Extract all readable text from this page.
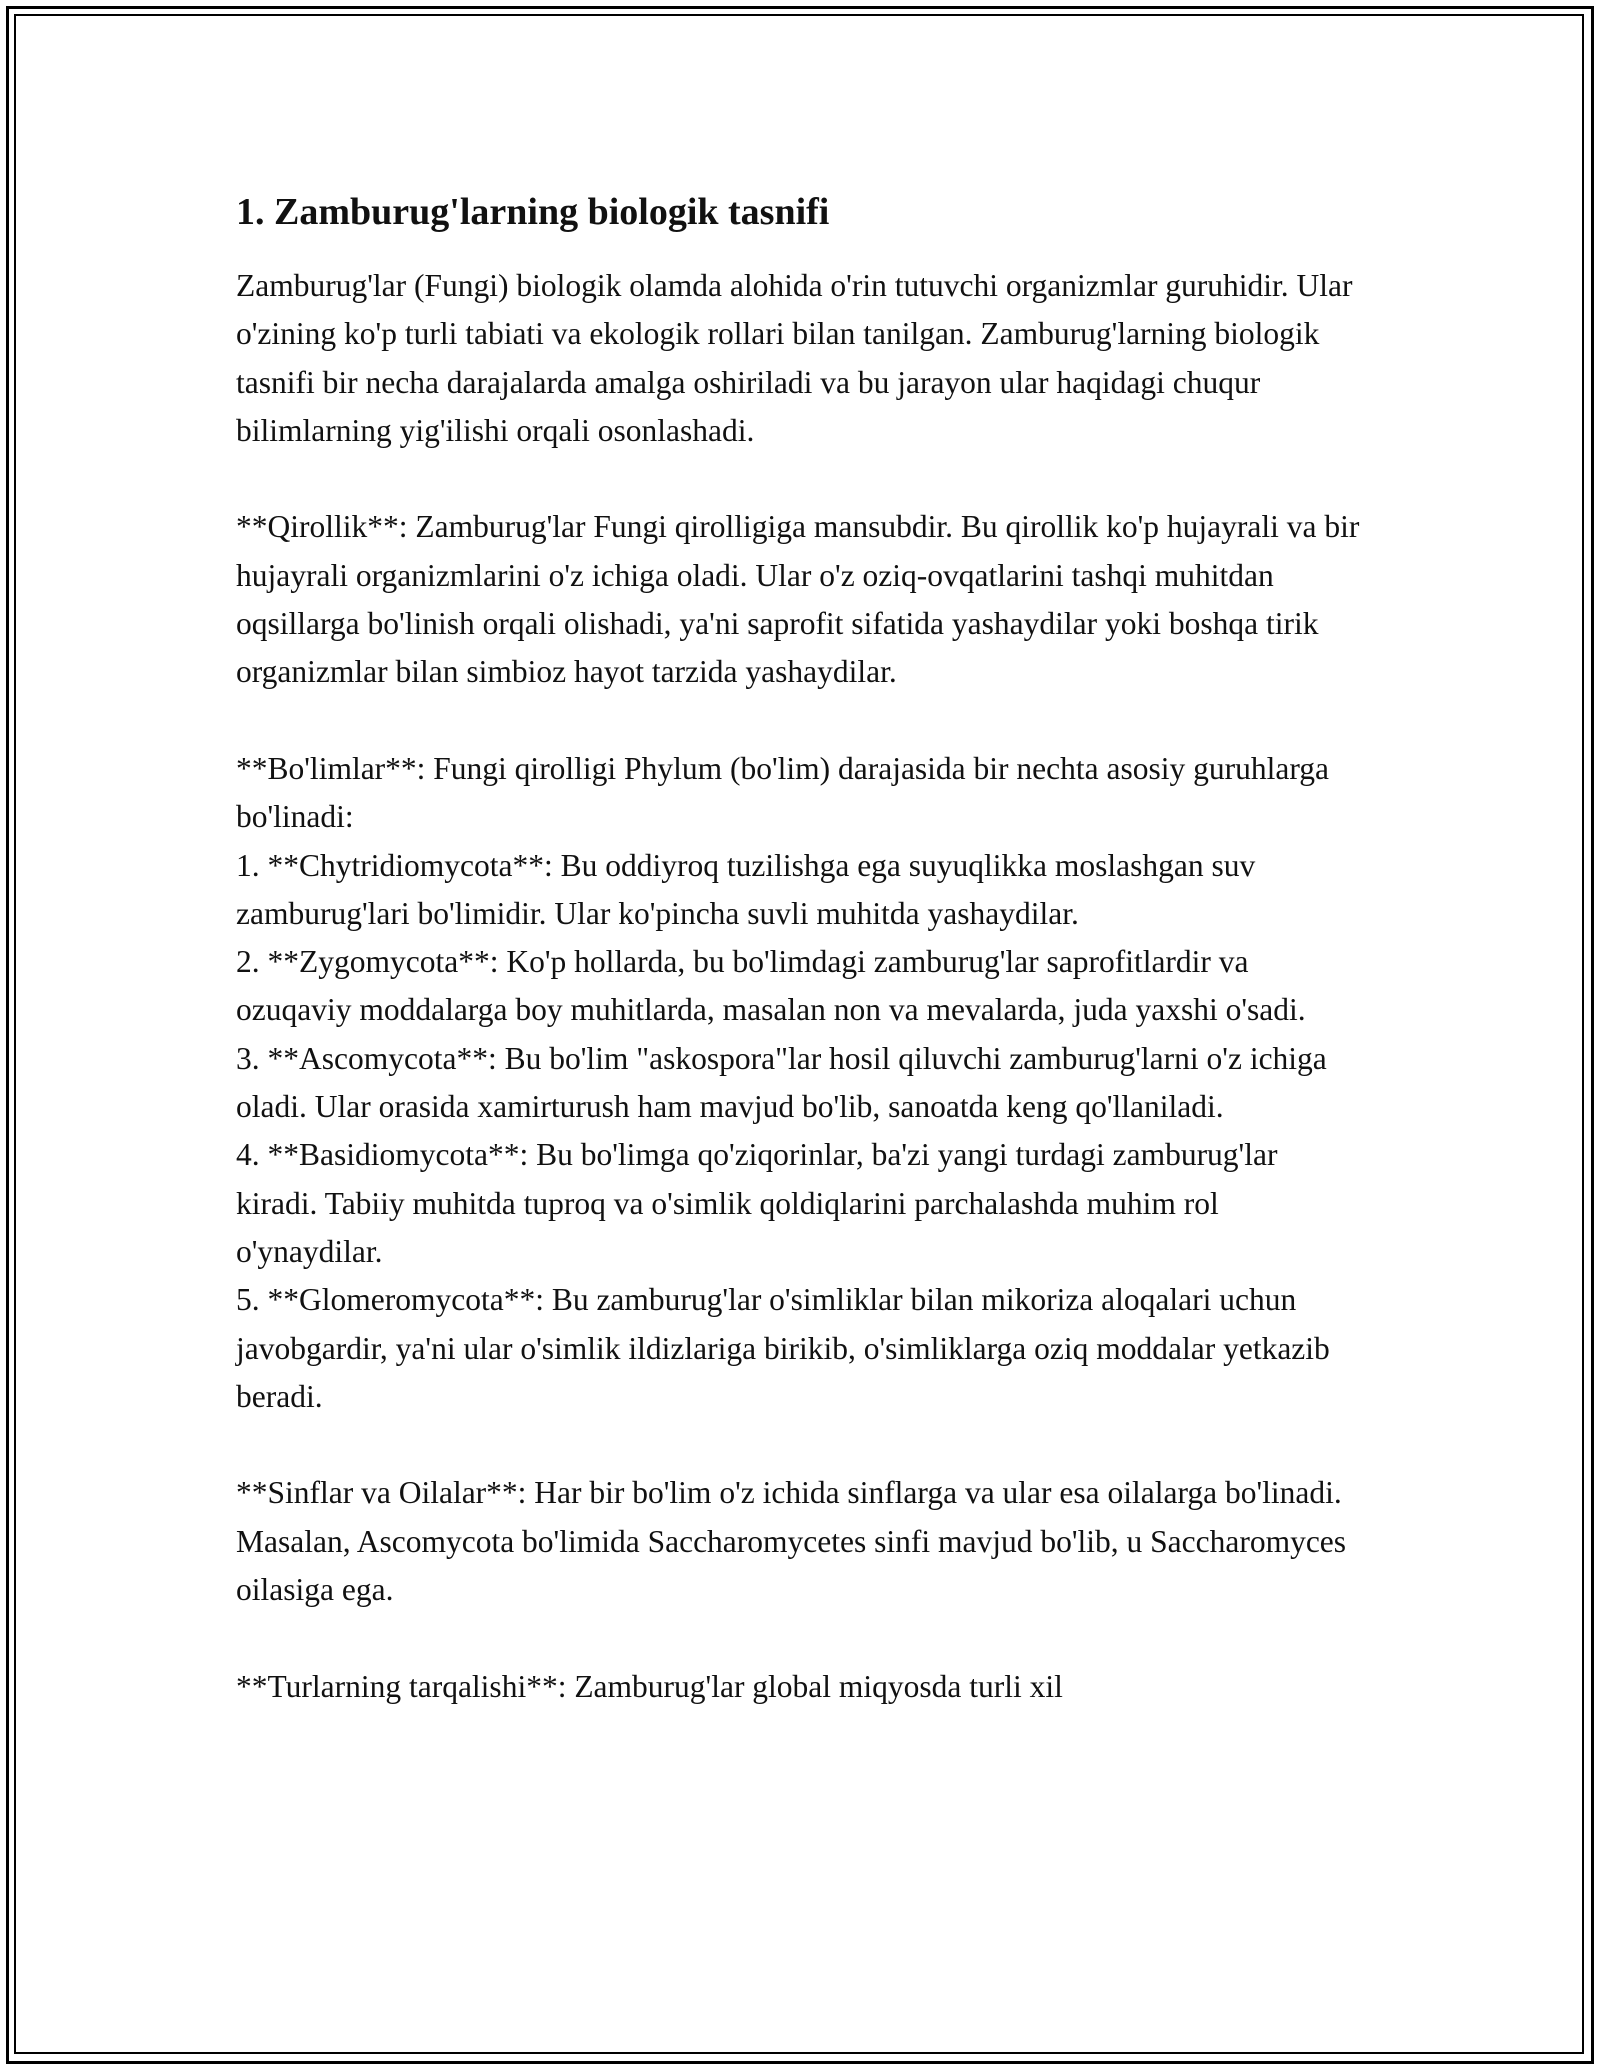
1. Zamburug'larning biologik tasnifi

Zamburug'lar (Fungi) biologik olamda alohida o'rin tutuvchi organizmlar guruhidir. Ular o'zining ko'p turli tabiati va ekologik rollari bilan tanilgan. Zamburug'larning biologik tasnifi bir necha darajalarda amalga oshiriladi va bu jarayon ular haqidagi chuqur bilimlarning yig'ilishi orqali osonlashadi.

**Qirollik**: Zamburug'lar Fungi qirolligiga mansubdir. Bu qirollik ko'p hujayrali va bir hujayrali organizmlarini o'z ichiga oladi. Ular o'z oziq-ovqatlarini tashqi muhitdan oqsillarga bo'linish orqali olishadi, ya'ni saprofit sifatida yashaydilar yoki boshqa tirik organizmlar bilan simbioz hayot tarzida yashaydilar.

**Bo'limlar**: Fungi qirolligi Phylum (bo'lim) darajasida bir nechta asosiy guruhlarga bo'linadi:

1. **Chytridiomycota**: Bu oddiyroq tuzilishga ega suyuqlikka moslashgan suv zamburug'lari bo'limidir. Ular ko'pincha suvli muhitda yashaydilar.

2. **Zygomycota**: Ko'p hollarda, bu bo'limdagi zamburug'lar saprofitlardir va ozuqaviy moddalarga boy muhitlarda, masalan non va mevalarda, juda yaxshi o'sadi.

3. **Ascomycota**: Bu bo'lim "askospora"lar hosil qiluvchi zamburug'larni o'z ichiga oladi. Ular orasida xamirturush ham mavjud bo'lib, sanoatda keng qo'llaniladi.

4. **Basidiomycota**: Bu bo'limga qo'ziqorinlar, ba'zi yangi turdagi zamburug'lar kiradi. Tabiiy muhitda tuproq va o'simlik qoldiqlarini parchalashda muhim rol o'ynaydilar.

5. **Glomeromycota**: Bu zamburug'lar o'simliklar bilan mikoriza aloqalari uchun javobgardir, ya'ni ular o'simlik ildizlariga birikib, o'simliklarga oziq moddalar yetkazib beradi.

**Sinflar va Oilalar**: Har bir bo'lim o'z ichida sinflarga va ular esa oilalarga bo'linadi. Masalan, Ascomycota bo'limida Saccharomycetes sinfi mavjud bo'lib, u Saccharomyces oilasiga ega.

**Turlarning tarqalishi**: Zamburug'lar global miqyosda turli xil
